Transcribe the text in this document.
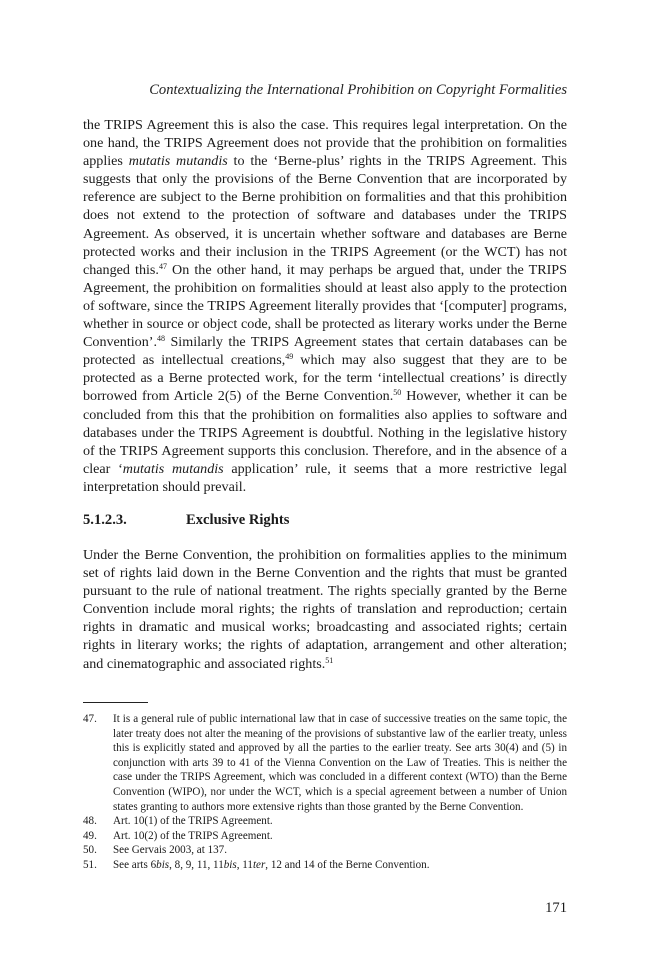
Contextualizing the International Prohibition on Copyright Formalities

the TRIPS Agreement this is also the case. This requires legal interpretation. On the one hand, the TRIPS Agreement does not provide that the prohibition on formalities applies mutatis mutandis to the ‘Berne-plus’ rights in the TRIPS Agreement. This suggests that only the provisions of the Berne Convention that are incorporated by reference are subject to the Berne prohibition on formalities and that this prohibition does not extend to the protection of software and databases under the TRIPS Agreement. As observed, it is uncertain whether software and databases are Berne protected works and their inclusion in the TRIPS Agreement (or the WCT) has not changed this.$^{47}$ On the other hand, it may perhaps be argued that, under the TRIPS Agreement, the prohibition on formalities should at least also apply to the protection of software, since the TRIPS Agreement literally provides that ‘[computer] programs, whether in source or object code, shall be protected as literary works under the Berne Convention’.$^{48}$ Similarly the TRIPS Agreement states that certain databases can be protected as intellectual creations,$^{49}$ which may also suggest that they are to be protected as a Berne protected work, for the term ‘intellectual creations’ is directly borrowed from Article 2(5) of the Berne Convention.$^{50}$ However, whether it can be concluded from this that the prohibition on formalities also applies to software and databases under the TRIPS Agreement is doubtful. Nothing in the legislative history of the TRIPS Agreement supports this conclusion. Therefore, and in the absence of a clear ‘mutatis mutandis application’ rule, it seems that a more restrictive legal interpretation should prevail.

5.1.2.3.	Exclusive Rights

Under the Berne Convention, the prohibition on formalities applies to the minimum set of rights laid down in the Berne Convention and the rights that must be granted pursuant to the rule of national treatment. The rights specially granted by the Berne Convention include moral rights; the rights of translation and reproduction; certain rights in dramatic and musical works; broadcasting and associated rights; certain rights in literary works; the rights of adaptation, arrangement and other alteration; and cinematographic and associated rights.$^{51}$

47.	It is a general rule of public international law that in case of successive treaties on the same topic, the later treaty does not alter the meaning of the provisions of substantive law of the earlier treaty, unless this is explicitly stated and approved by all the parties to the earlier treaty. See arts 30(4) and (5) in conjunction with arts 39 to 41 of the Vienna Convention on the Law of Treaties. This is neither the case under the TRIPS Agreement, which was concluded in a different context (WTO) than the Berne Convention (WIPO), nor under the WCT, which is a special agreement between a number of Union states granting to authors more extensive rights than those granted by the Berne Convention.
48.	Art. 10(1) of the TRIPS Agreement.
49.	Art. 10(2) of the TRIPS Agreement.
50.	See Gervais 2003, at 137.
51.	See arts 6bis, 8, 9, 11, 11bis, 11ter, 12 and 14 of the Berne Convention.
171
